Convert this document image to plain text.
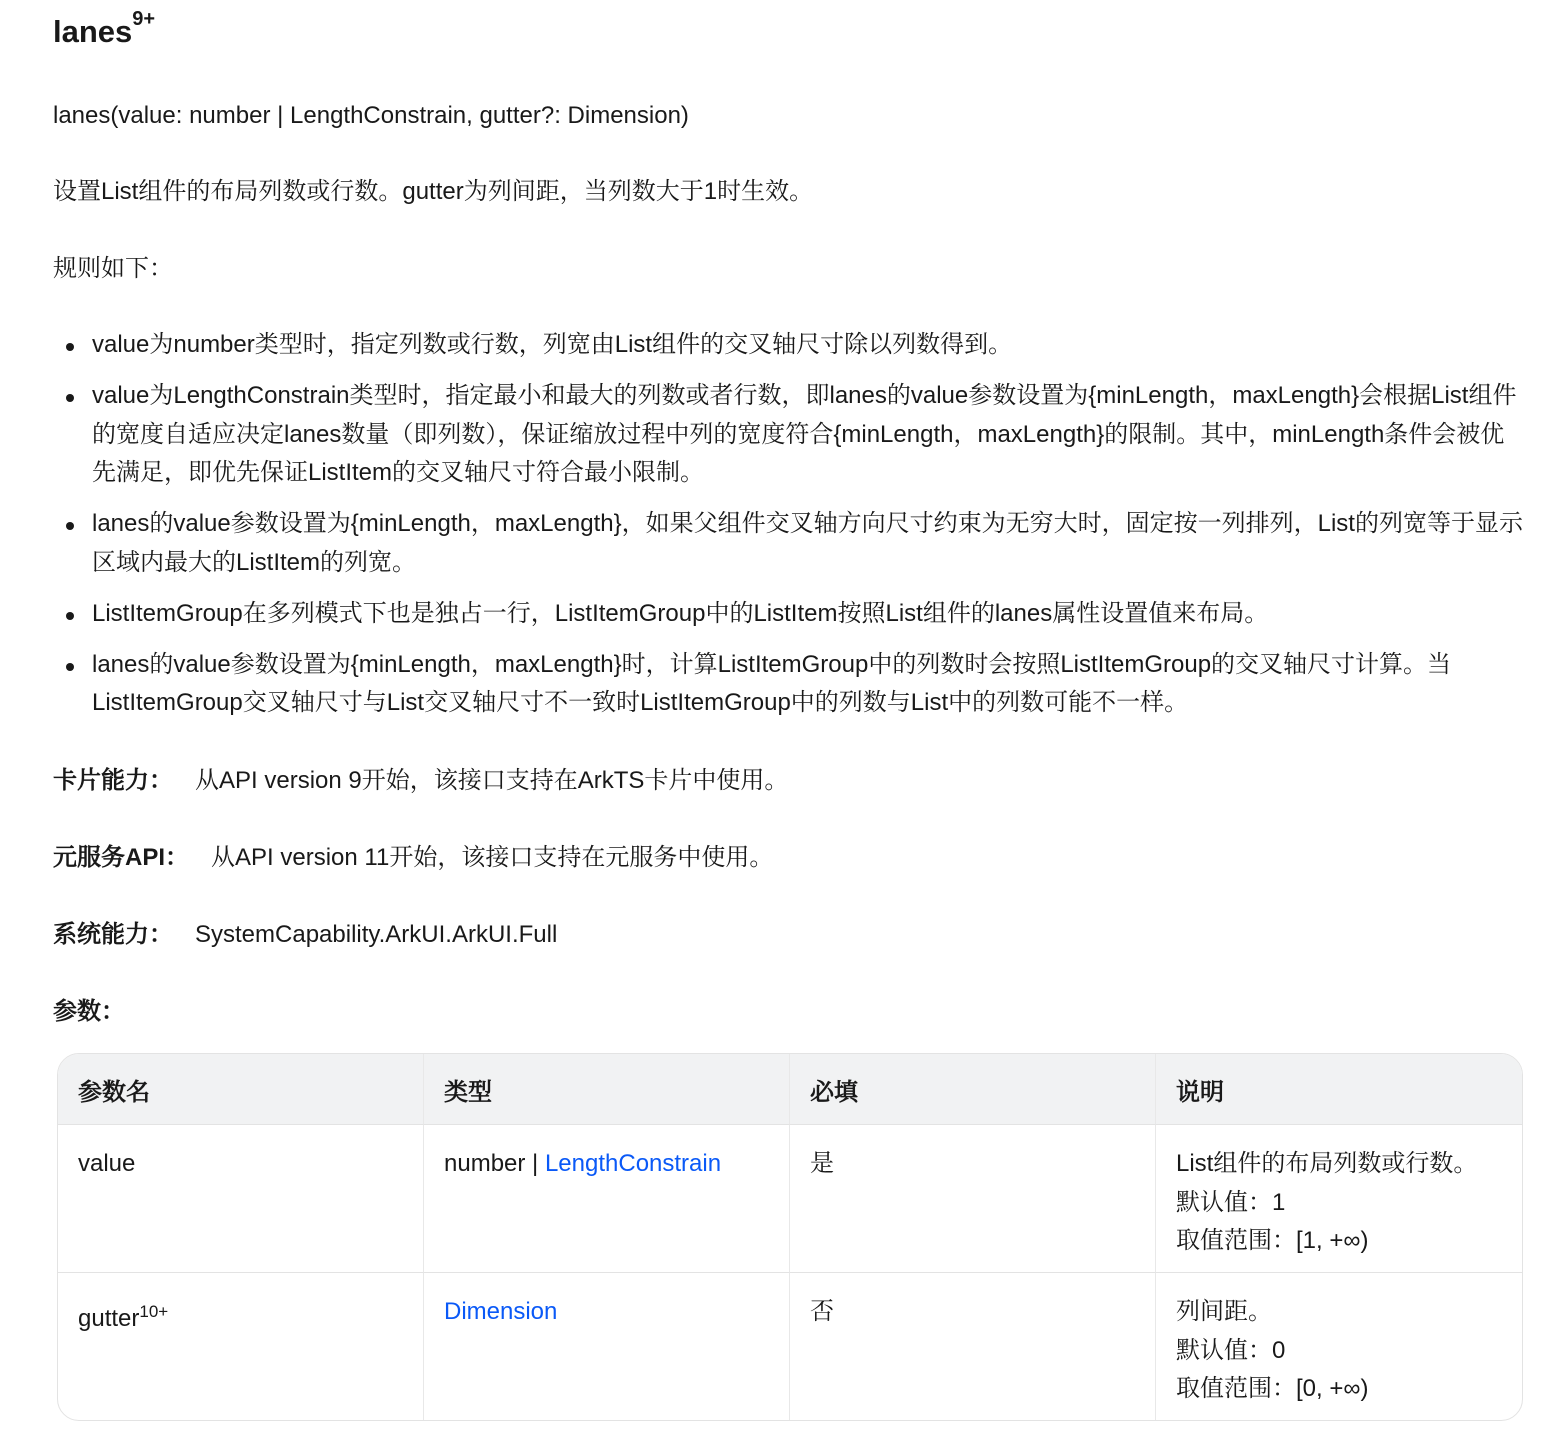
lanes$^{9+}$

lanes(value: number | LengthConstrain, gutter?: Dimension)

设置List组件的布局列数或行数。gutter为列间距，当列数大于1时生效。

规则如下：

value为number类型时，指定列数或行数，列宽由List组件的交叉轴尺寸除以列数得到。
value为LengthConstrain类型时，指定最小和最大的列数或者行数，即lanes的value参数设置为{minLength，maxLength}会根据List组件的宽度自适应决定lanes数量（即列数），保证缩放过程中列的宽度符合{minLength，maxLength}的限制。其中，minLength条件会被优先满足，即优先保证ListItem的交叉轴尺寸符合最小限制。
lanes的value参数设置为{minLength，maxLength}，如果父组件交叉轴方向尺寸约束为无穷大时，固定按一列排列，List的列宽等于显示区域内最大的ListItem的列宽。
ListItemGroup在多列模式下也是独占一行，ListItemGroup中的ListItem按照List组件的lanes属性设置值来布局。
lanes的value参数设置为{minLength，maxLength}时，计算ListItemGroup中的列数时会按照ListItemGroup的交叉轴尺寸计算。当ListItemGroup交叉轴尺寸与List交叉轴尺寸不一致时ListItemGroup中的列数与List中的列数可能不一样。

卡片能力： 从API version 9开始，该接口支持在ArkTS卡片中使用。

元服务API： 从API version 11开始，该接口支持在元服务中使用。

系统能力： SystemCapability.ArkUI.ArkUI.Full

参数：

参数名	类型	必填	说明
value	number | LengthConstrain	是	List组件的布局列数或行数。
默认值：1
取值范围：[1, +∞)

gutter$^{10+}$	Dimension	否	列间距。
默认值：0
取值范围：[0, +∞)
